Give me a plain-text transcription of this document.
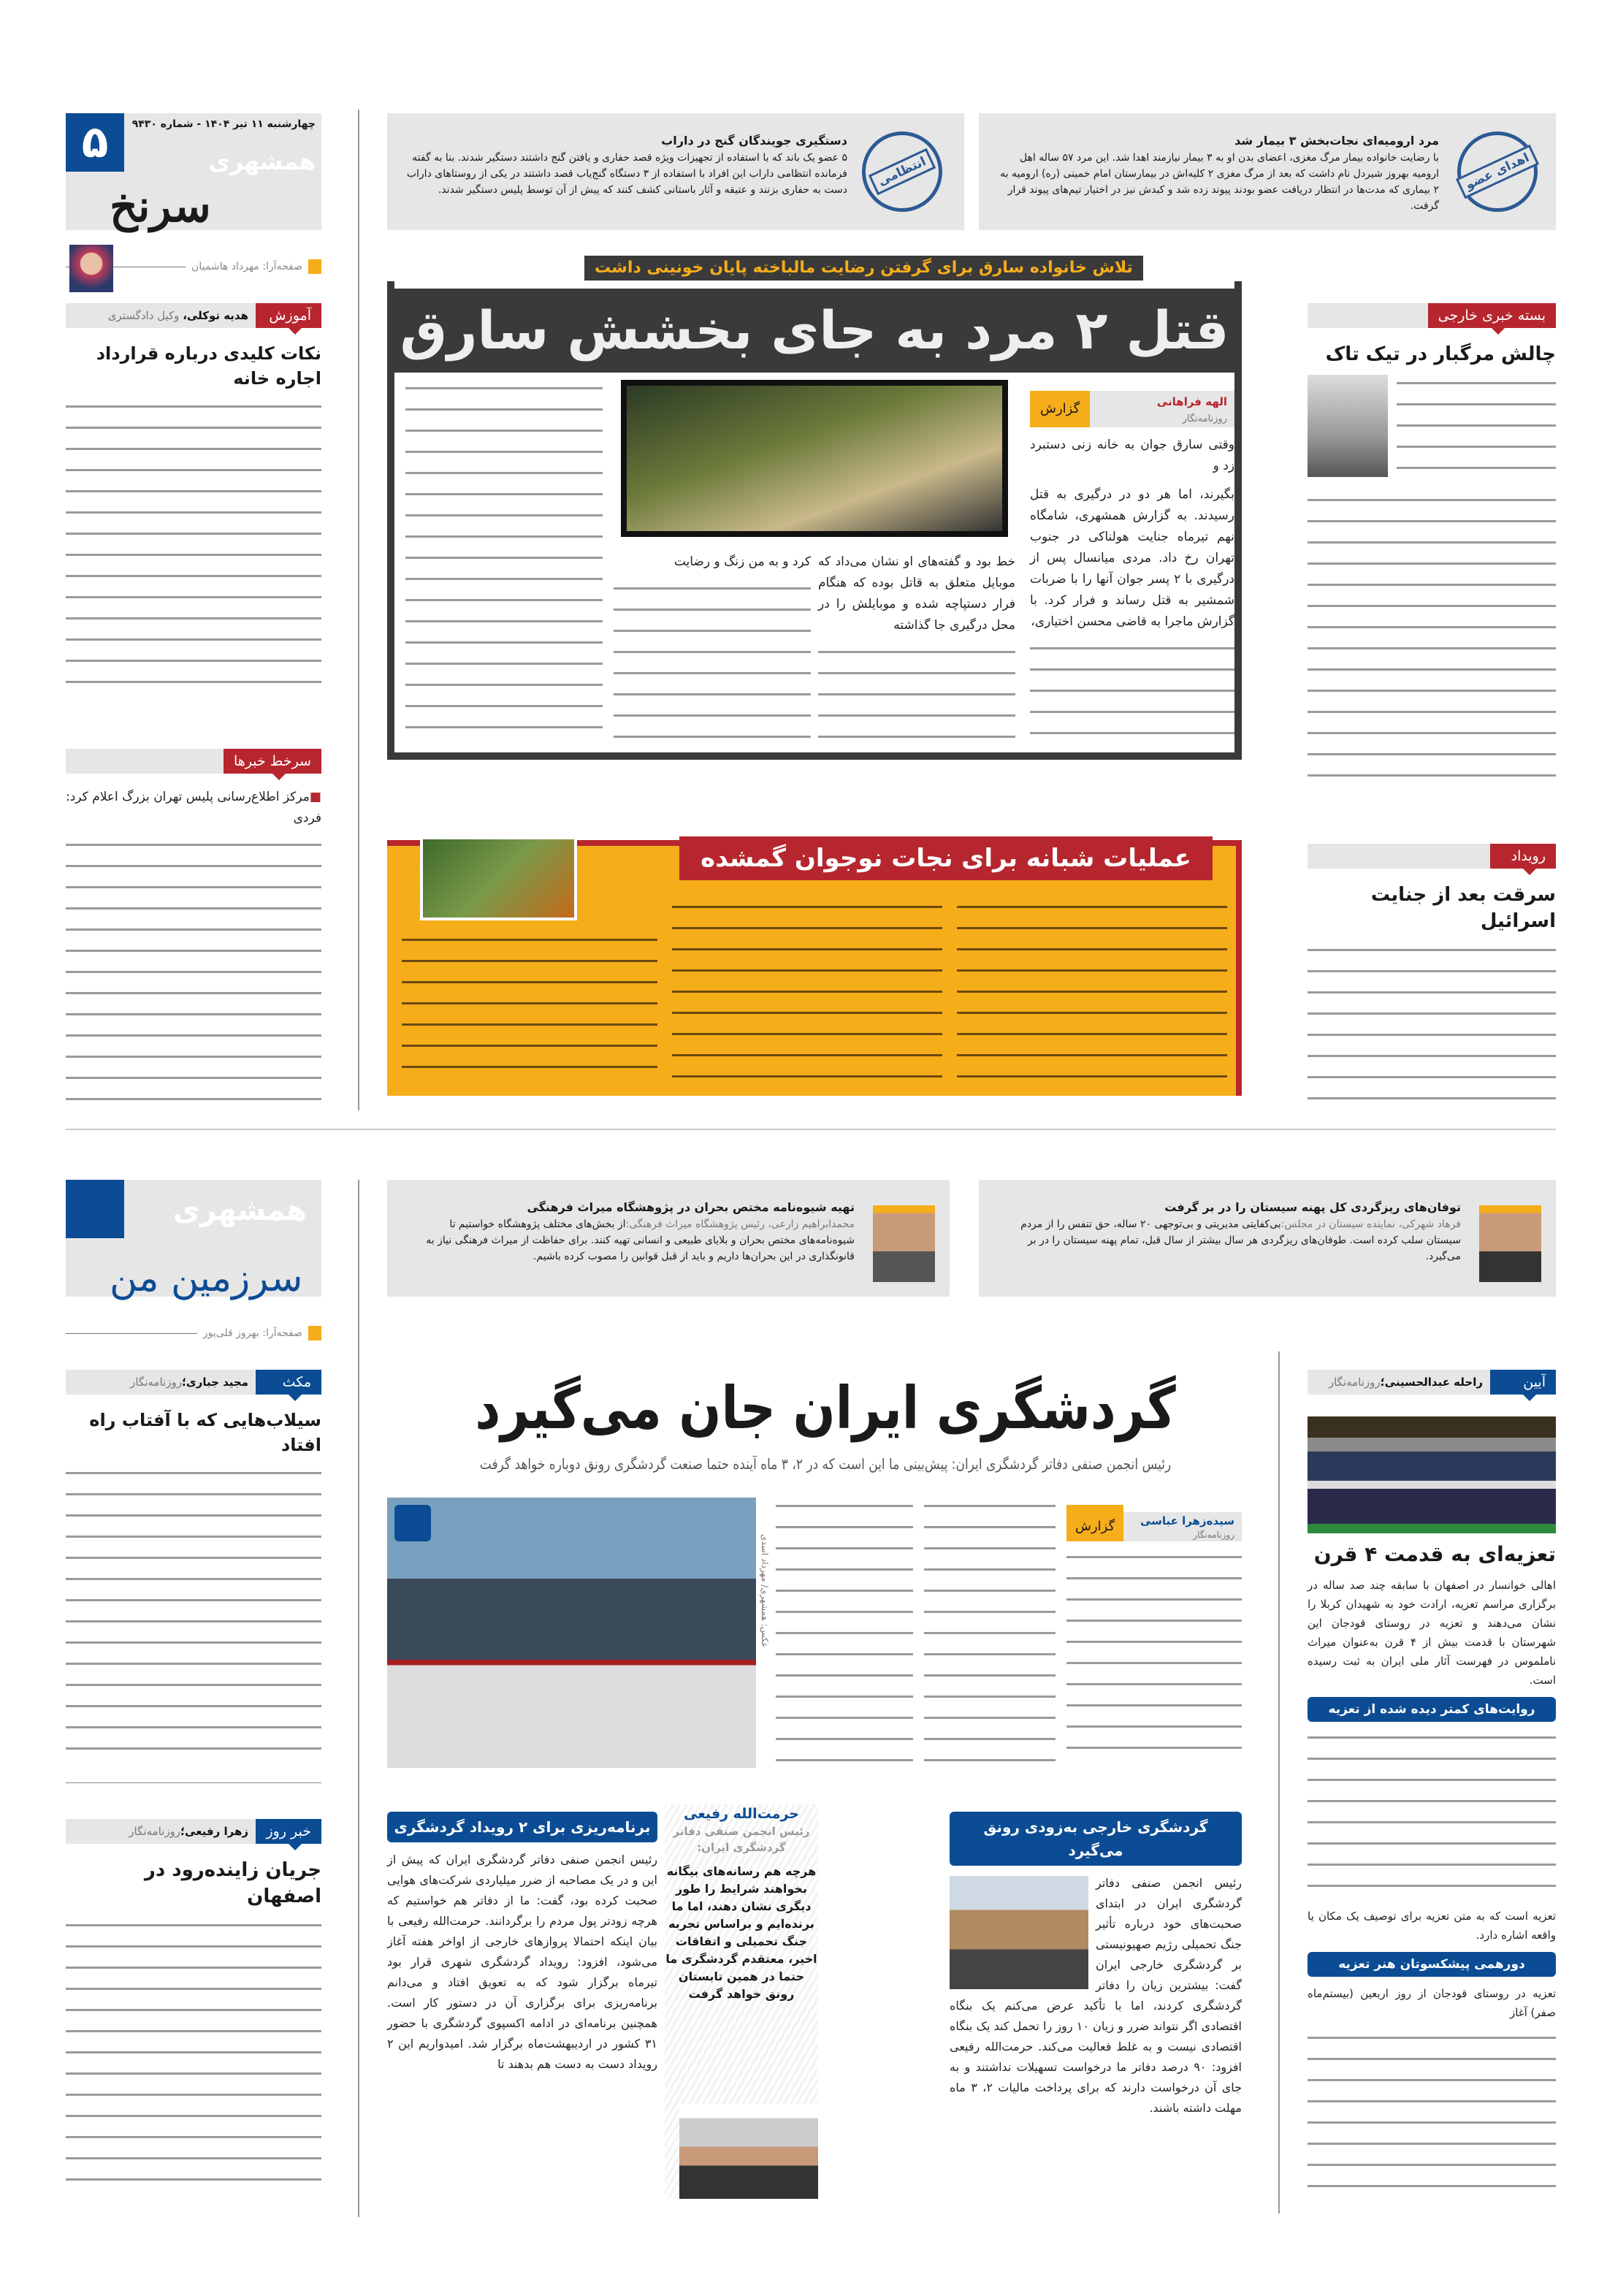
۵	چهارشنبه ۱۱ تیر ۱۴۰۴ - شماره ۹۴۳۰
همشهری
سرنخ
صفحه‌آرا: مهرداد هاشمیان
انتظامی
دستگیری جویندگان گنج در داراب
۵ عضو یک باند که با استفاده از تجهیزات ویژه قصد حفاری و یافتن گنج داشتند دستگیر شدند. بنا به گفته فرمانده انتظامی داراب این افراد با استفاده از ۳ دستگاه گنج‌یاب قصد داشتند در یکی از روستاهای داراب دست به حفاری بزنند و عتیقه و آثار باستانی کشف کنند که پیش از آن توسط پلیس دستگیر شدند.	اهدای عضو
مرد ارومیه‌ای نجات‌بخش ۳ بیمار شد
با رضایت خانواده بیمار مرگ مغزی، اعضای بدن او به ۳ بیمار نیازمند اهدا شد. این مرد ۵۷ ساله اهل ارومیه بهروز شیردل نام داشت که بعد از مرگ مغزی ۲ کلیه‌اش در بیمارستان امام خمینی (ره) ارومیه به ۲ بیماری که مدت‌ها در انتظار دریافت عضو بودند پیوند زده شد و کبدش نیز در اختیار تیم‌های پیوند قرار گرفت.
آموزش
هدیه توکلی، وکیل دادگستری
نکات کلیدی درباره قرارداد اجاره خانه
سرخط خبرها
■مرکز اطلاع‌رسانی پلیس تهران بزرگ اعلام کرد: فردی
قتل ۲ مرد به جای بخشش سارق
تلاش خانواده سارق برای گرفتن رضایت مالباخته پایان خونینی داشت
الهه فراهانی
روزنامه‌نگار
گزارش
وقتی سارق جوان به خانه زنی دستبرد زد و
بگیرند، اما هر دو در درگیری به قتل رسیدند. به گزارش همشهری، شامگاه نهم تیرماه جنایت هولناکی در جنوب تهران رخ داد. مردی میانسال پس از درگیری با ۲ پسر جوان آنها را با ضربات شمشیر به قتل رساند و فرار کرد. با گزارش ماجرا به قاضی محسن اختیاری،
خط بود و گفته‌های او نشان می‌داد که موبایل متعلق به قاتل بوده که هنگام فرار دستپاچه شده و موبایلش را در محل درگیری جا گذاشته
کرد و به من زنگ و رضایت
بسته خبری خارجی
چالش مرگبار در تیک تاک
عملیات شبانه برای نجات نوجوان گمشده	رویداد
سرقت بعد از جنایت اسرائیل
همشهری
سرزمین من
صفحه‌آرا: بهروز قلی‌پور
تهیه شیوه‌نامه مختص بحران در پژوهشگاه میراث فرهنگی
محمدابراهیم زارعی، رئیس پژوهشگاه میراث فرهنگی:از بخش‌های مختلف پژوهشگاه خواستیم تا شیوه‌نامه‌های مختص بحران و بلایای طبیعی و انسانی تهیه کنند. برای حفاظت از میراث فرهنگی نیاز به قانونگذاری در این بحران‌ها داریم و باید از قبل قوانین را مصوب کرده باشیم.
توفان‌های ریزگردی کل پهنه سیستان را در بر گرفت
فرهاد شهرکی، نماینده سیستان در مجلس:بی‌کفایتی مدیریتی و بی‌توجهی ۲۰ ساله، حق تنفس را از مردم سیستان سلب کرده است. طوفان‌های ریزگردی هر سال بیشتر از سال قبل، تمام پهنه سیستان را در بر می‌گیرد.
مکث
مجید جباری؛روزنامه‌نگار
سیلاب‌هایی که با آفتاب راه افتاد
خبر روز
زهرا رفیعی؛روزنامه‌نگار
جریان زاینده‌رود در اصفهان
گردشگری ایران جان می‌گیرد
رئیس انجمن صنفی دفاتر گردشگری ایران: پیش‌بینی ما این است که در ۲، ۳ ماه آینده حتما صنعت گردشگری رونق دوباره خواهد گرفت
عکس: همشهری/ مهرداد اسدی
سیده‌زهرا عباسی
روزنامه‌نگار
گزارش
گردشگری خارجی به‌زودی رونق می‌گیرد
رئیس انجمن صنفی دفاتر گردشگری ایران در ابتدای صحبت‌های خود درباره تأثیر جنگ تحمیلی رژیم صهیونیستی بر گردشگری خارجی ایران گفت: بیشترین زیان را دفاتر گردشگری کردند، اما با تأکید عرض می‌کنم یک بنگاه اقتصادی اگر نتواند ضرر و زیان ۱۰ روز را تحمل کند یک بنگاه اقتصادی نیست و به غلط فعالیت می‌کند. حرمت‌الله رفیعی افزود: ۹۰ درصد دفاتر ما درخواست تسهیلات نداشتند و به جای آن درخواست دارند که برای پرداخت مالیات ۲، ۳ ماه مهلت داشته باشند.
حرمت‌الله رفیعی
رئیس انجمن صنفی دفاتر گردشگری ایران:
هرچه هم رسانه‌های بیگانه بخواهند شرایط را طور دیگری نشان دهند، اما ما برنده‌ایم و براساس تجربه جنگ تحمیلی و اتفاقات اخیر، معتقدم گردشگری ما حتما در همین تابستان رونق خواهد گرفت
برنامه‌ریزی برای ۲ رویداد گردشگری
رئیس انجمن صنفی دفاتر گردشگری ایران که پیش از این و در یک مصاحبه از ضرر میلیاردی شرکت‌های هوایی صحبت کرده بود، گفت: ما از دفاتر هم خواستیم که هرچه زودتر پول مردم را برگردانند. حرمت‌الله رفیعی با بیان اینکه احتمالا پروازهای خارجی از اواخر هفته آغاز می‌شود، افزود: رویداد گردشگری شهری قرار بود تیرماه برگزار شود که به تعویق افتاد و می‌دانم برنامه‌ریزی برای برگزاری آن در دستور کار است. همچنین برنامه‌ای در ادامه اکسپوی گردشگری با حضور ۳۱ کشور در اردیبهشت‌ماه برگزار شد. امیدواریم این ۲ رویداد دست به دست هم بدهند تا
آیین
راحله عبدالحسینی؛روزنامه‌نگار
تعزیه‌ای به قدمت ۴ قرن
اهالی خوانسار در اصفهان با سابقه چند صد ساله در برگزاری مراسم تعزیه، ارادت خود به شهیدان کربلا را نشان می‌دهند و تعزیه در روستای قودجان این شهرستان با قدمت بیش از ۴ قرن به‌عنوان میراث ناملموس در فهرست آثار ملی ایران به ثبت رسیده است.
روایت‌های کمتر دیده شده از تعزیه
تعزیه است که به متن تعزیه برای توصیف یک مکان یا واقعه اشاره دارد.
دورهمی پیشکسوتان هنر تعزیه
تعزیه در روستای قودجان از روز اربعین (بیستم‌ماه صفر) آغاز
